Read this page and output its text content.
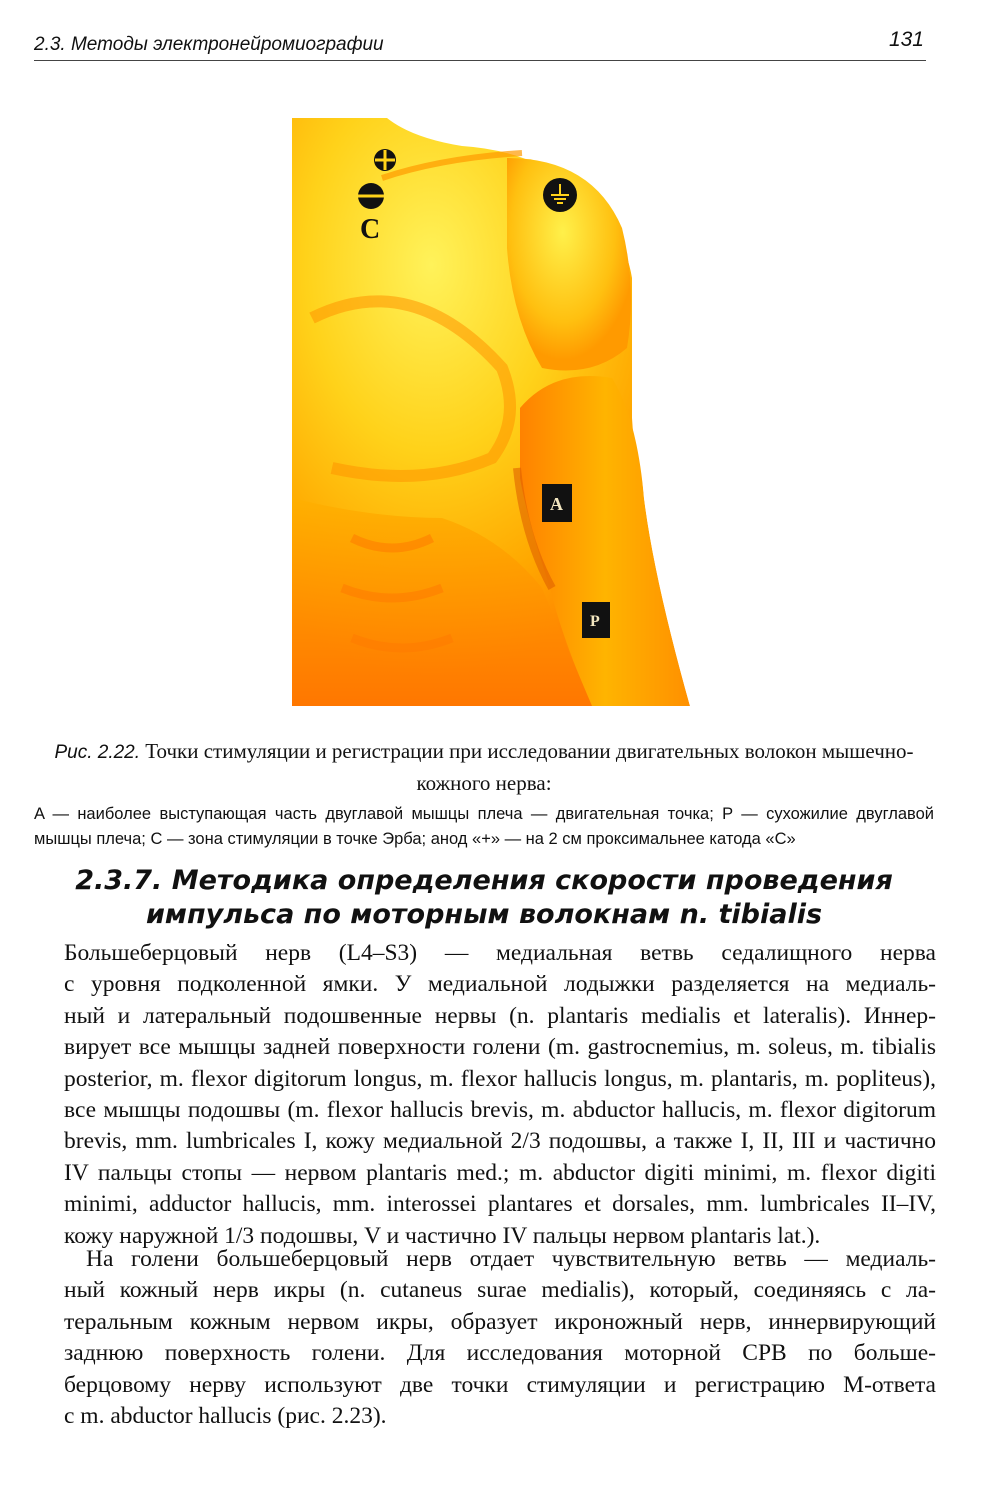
2.3. Методы электронейромиографии	131
C
A
P
Рис. 2.22. Точки стимуляции и регистрации при исследовании двигательных волокон мышечно-кожного нерва:
A — наиболее выступающая часть двуглавой мышцы плеча — двигательная точка; P — сухожилие двуглавой мышцы плеча; C — зона стимуляции в точке Эрба; анод «+» — на 2 см проксимальнее катода «С»
2.3.7. Методика определения скорости проведения импульса по моторным волокнам n. tibialis
Большеберцовый нерв (L4–S3) — медиальная ветвь седалищного нерва
с уровня подколенной ямки. У медиальной лодыжки разделяется на медиаль-
ный и латеральный подошвенные нервы (n. plantaris medialis et lateralis). Иннер-
вирует все мышцы задней поверхности голени (m. gastrocnemius, m. soleus, m. tibialis
posterior, m. flexor digitorum longus, m. flexor hallucis longus, m. plantaris, m. popliteus),
все мышцы подошвы (m. flexor hallucis brevis, m. abductor hallucis, m. flexor digitorum
brevis, mm. lumbricales I, кожу медиальной 2/3 подошвы, а также I, II, III и частично
IV пальцы стопы — нервом plantaris med.; m. abductor digiti minimi, m. flexor digiti
minimi, adductor hallucis, mm. interossei plantares et dorsales, mm. lumbricales II–IV,
кожу наружной 1/3 подошвы, V и частично IV пальцы нервом plantaris lat.).
На голени большеберцовый нерв отдает чувствительную ветвь — медиаль-
ный кожный нерв икры (n. cutaneus surae medialis), который, соединяясь с ла-
теральным кожным нервом икры, образует икроножный нерв, иннервирующий
заднюю поверхность голени. Для исследования моторной СРВ по больше-
берцовому нерву используют две точки стимуляции и регистрацию М-ответа
с m. abductor hallucis (рис. 2.23).
